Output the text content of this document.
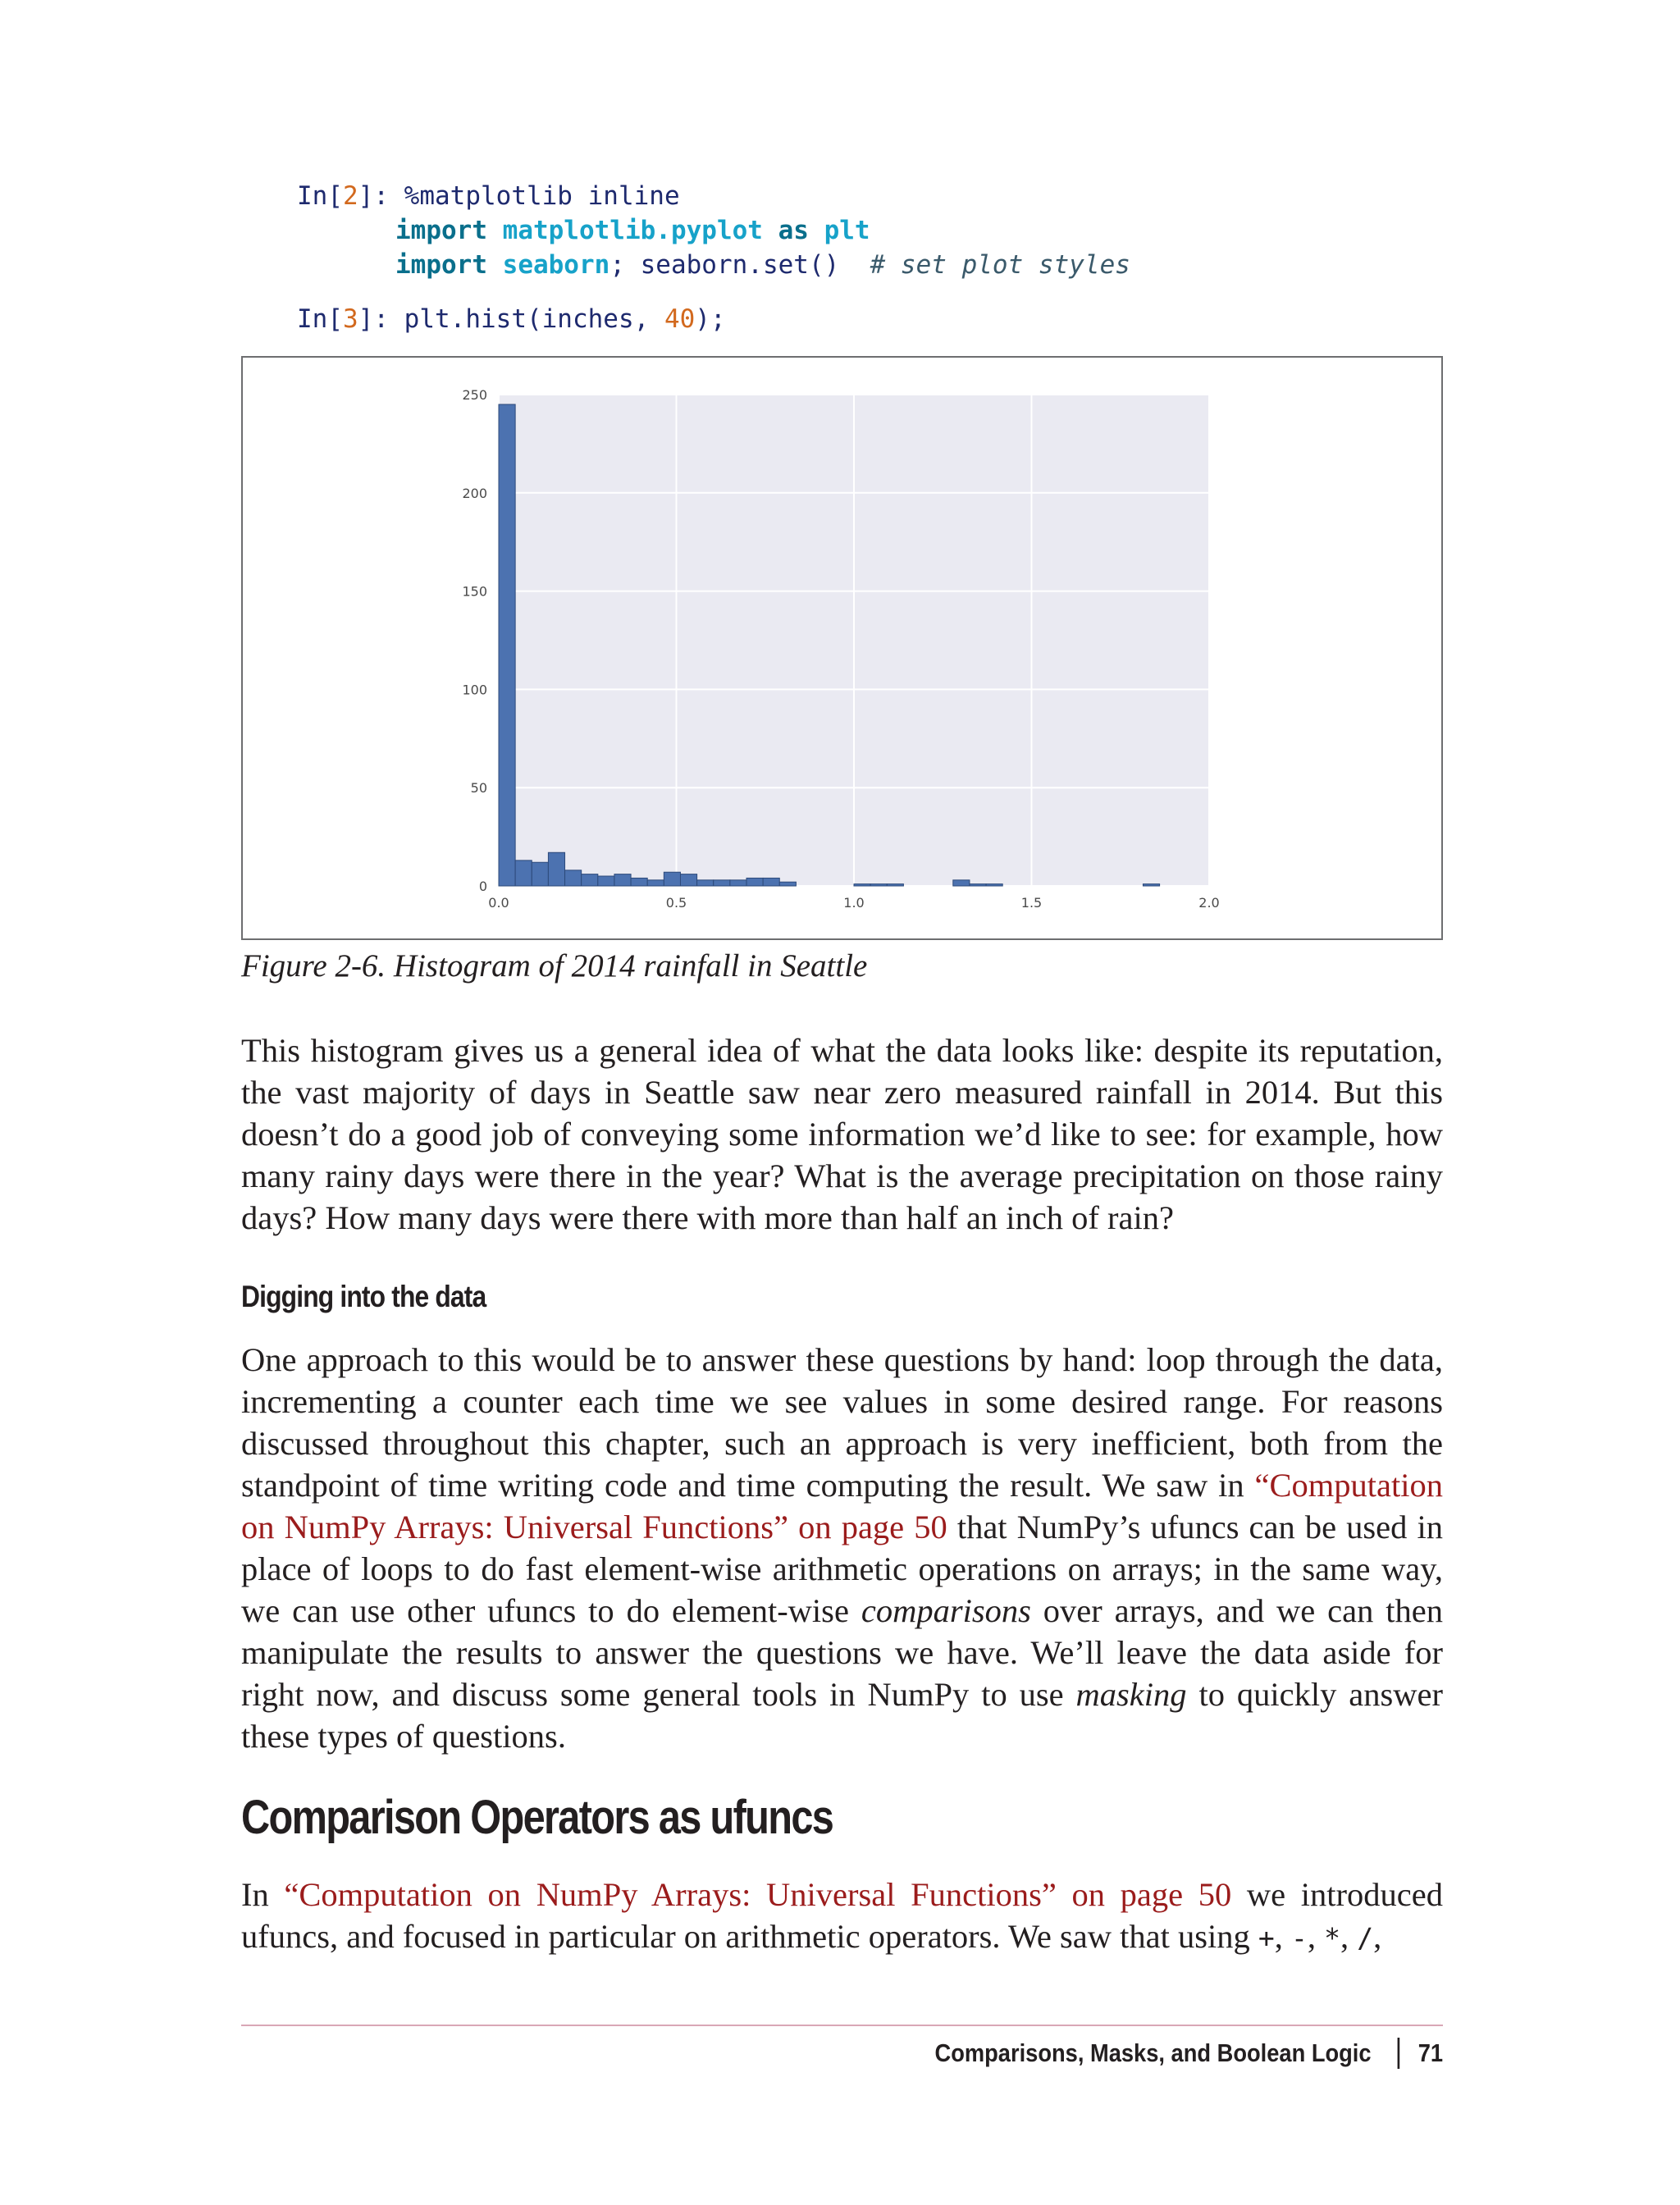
In[2]: %matplotlib inline
import matplotlib.pyplot as plt
import seaborn; seaborn.set() # set plot styles
In[3]: plt.hist(inches, 40);
0.0	0.5	1.0	1.5	2.0
0
50
100
150
200
250
Figure 2-6. Histogram of 2014 rainfall in Seattle
This histogram gives us a general idea of what the data looks like: despite its reputation, the vast majority of days in Seattle saw near zero measured rainfall in 2014. But this doesn’t do a good job of conveying some information we’d like to see: for example, how many rainy days were there in the year? What is the average precipitation on those rainy days? How many days were there with more than half an inch of rain?
Digging into the data
One approach to this would be to answer these questions by hand: loop through the data, incrementing a counter each time we see values in some desired range. For reasons discussed throughout this chapter, such an approach is very inefficient, both from the standpoint of time writing code and time computing the result. We saw in “Computation on NumPy Arrays: Universal Functions” on page 50 that NumPy’s ufuncs can be used in place of loops to do fast element-wise arithmetic operations on arrays; in the same way, we can use other ufuncs to do element-wise comparisons over arrays, and we can then manipulate the results to answer the questions we have. We’ll leave the data aside for right now, and discuss some general tools in NumPy to use masking to quickly answer these types of questions.
Comparison Operators as ufuncs
In “Computation on NumPy Arrays: Universal Functions” on page 50 we introduced ufuncs, and focused in particular on arithmetic operators. We saw that using +, -, *, /,
Comparisons, Masks, and Boolean Logic 71
